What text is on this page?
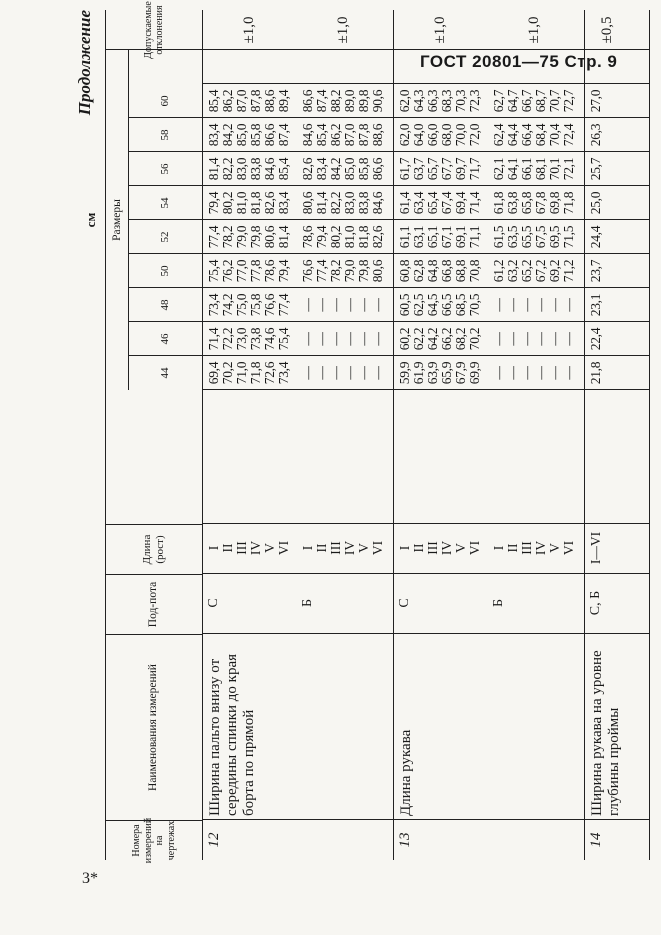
ГОСТ 20801—75 Стр. 9
Продолжение
см
Номера измерений на чертежах
Наименования измерений
Под-пота
Длина (рост)
Размеры
44
46
48
50
52
54
56
58
60
Допускаемые отклонения
12
Ширина пальто внизу от середины спинки до края борта по прямой
С
I II III IV V VI
69,4 70,2 71,0 71,8 72,6 73,4
71,4 72,2 73,0 73,8 74,6 75,4
73,4 74,2 75,0 75,8 76,6 77,4
75,4 76,2 77,0 77,8 78,6 79,4
77,4 78,2 79,0 79,8 80,6 81,4
79,4 80,2 81,0 81,8 82,6 83,4
81,4 82,2 83,0 83,8 84,6 85,4
83,4 84,2 85,0 85,8 86,6 87,4
85,4 86,2 87,0 87,8 88,6 89,4
±1,0
Б
I II III IV V VI
— — — — — —
— — — — — —
— — — — — —
76,6 77,4 78,2 79,0 79,8 80,6
78,6 79,4 80,2 81,0 81,8 82,6
80,6 81,4 82,2 83,0 83,8 84,6
82,6 83,4 84,2 85,0 85,8 86,6
84,6 85,4 86,2 87,0 87,8 88,6
86,6 87,4 88,2 89,0 89,8 90,6
±1,0
13
Длина рукава
С
I II III IV V VI
59,9 61,9 63,9 65,9 67,9 69,9
60,2 62,2 64,2 66,2 68,2 70,2
60,5 62,5 64,5 66,5 68,5 70,5
60,8 62,8 64,8 66,8 68,8 70,8
61,1 63,1 65,1 67,1 69,1 71,1
61,4 63,4 65,4 67,4 69,4 71,4
61,7 63,7 65,7 67,7 69,7 71,7
62,0 64,0 66,0 68,0 70,0 72,0
62,0 64,3 66,3 68,3 70,3 72,3
±1,0
Б
I II III IV V VI
— — — — — —
— — — — — —
— — — — — —
61,2 63,2 65,2 67,2 69,2 71,2
61,5 63,5 65,5 67,5 69,5 71,5
61,8 63,8 65,8 67,8 69,8 71,8
62,1 64,1 66,1 68,1 70,1 72,1
62,4 64,4 66,4 68,4 70,4 72,4
62,7 64,7 66,7 68,7 70,7 72,7
±1,0
14
Ширина рукава на уровне глубины проймы
С, Б
I—VI
21,8
22,4
23,1
23,7
24,4
25,0
25,7
26,3
27,0
±0,5
3*
